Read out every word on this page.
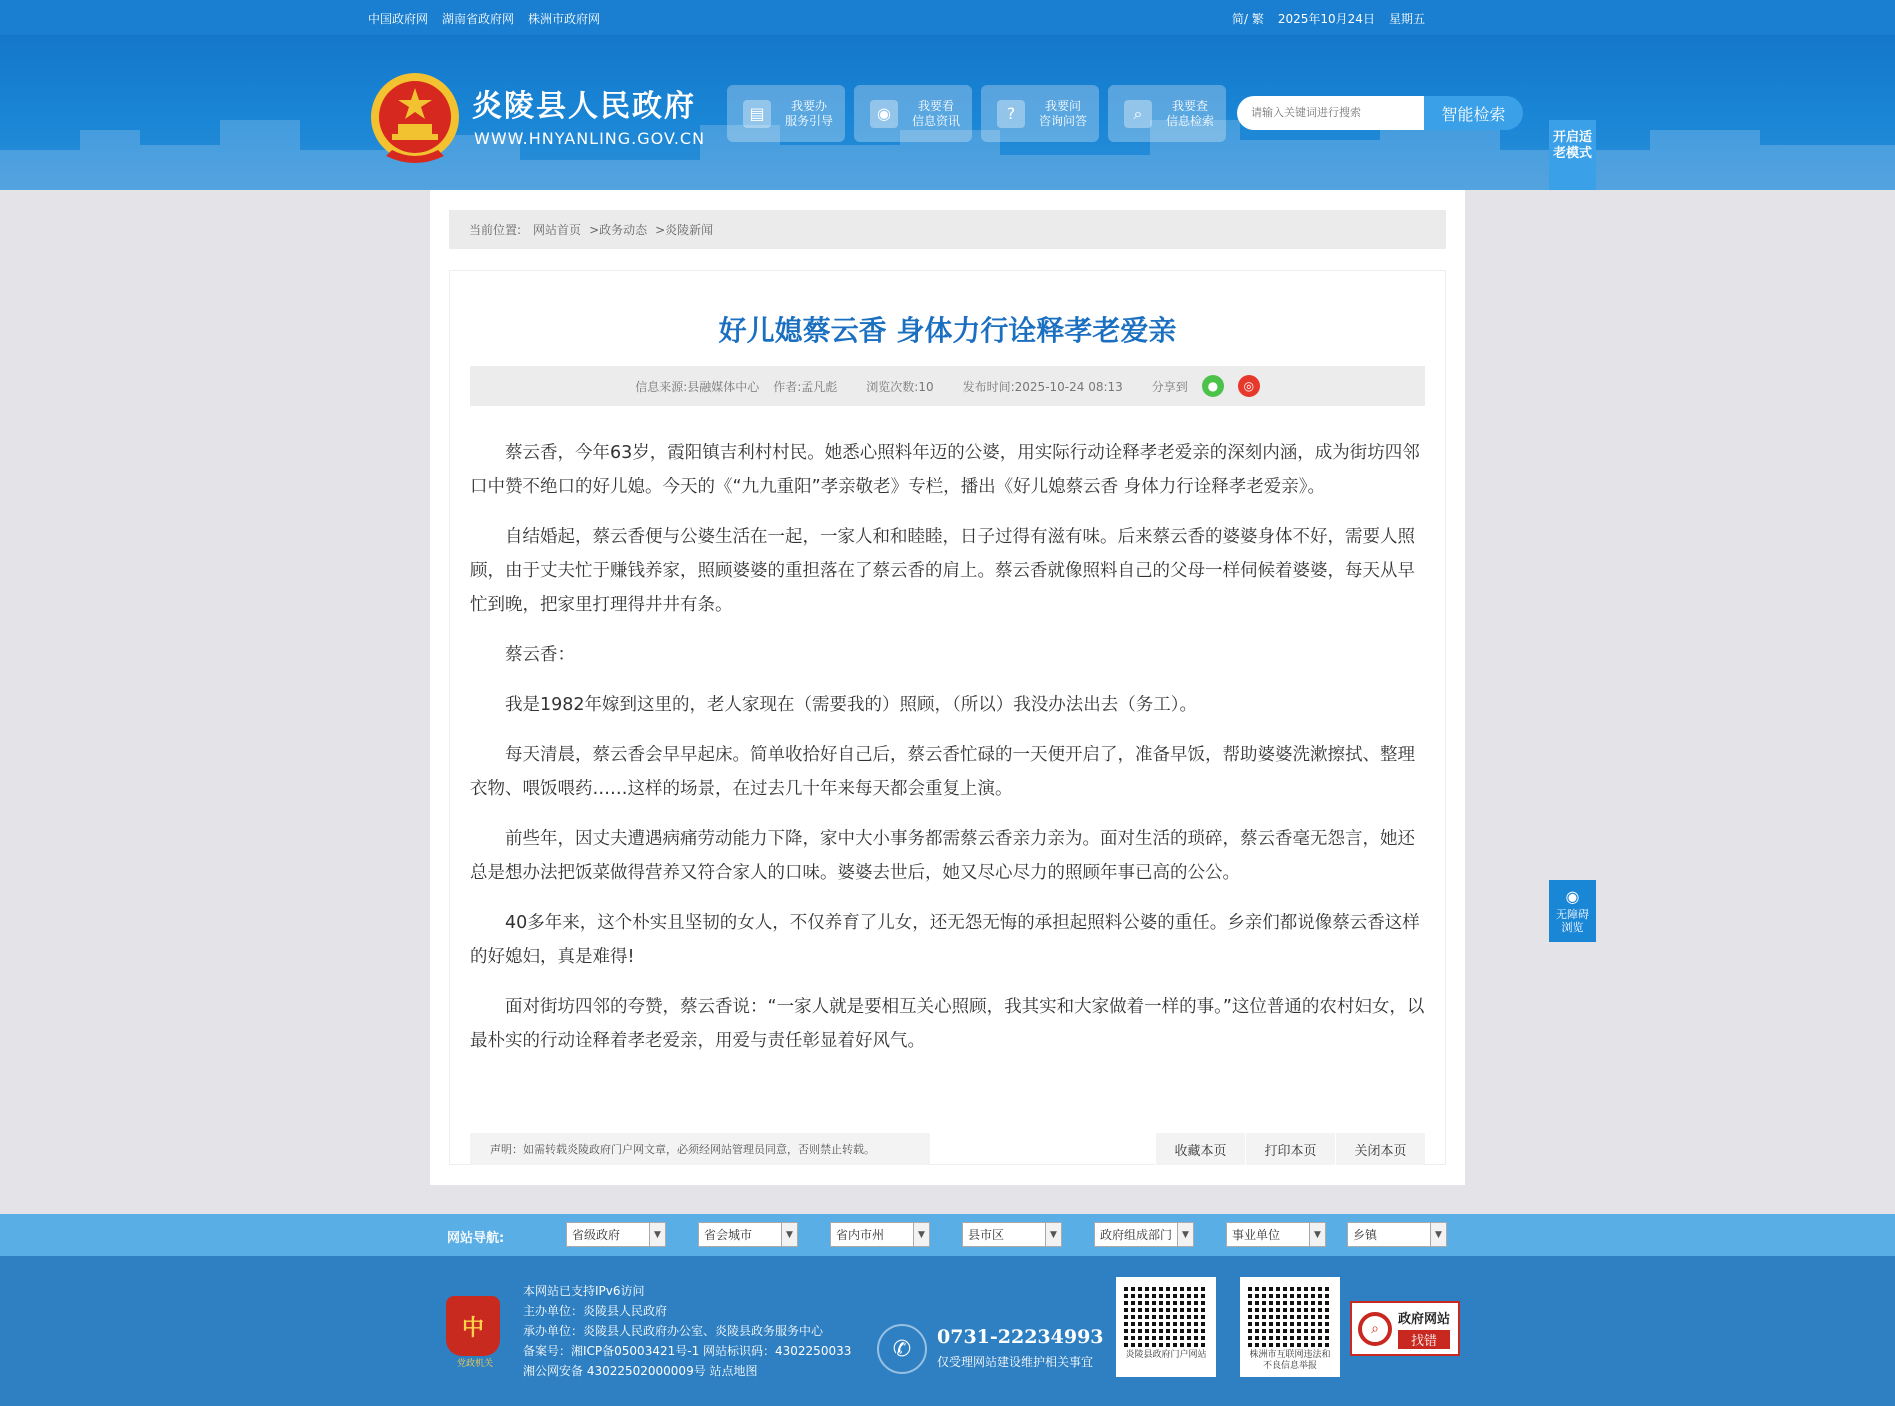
中国政府网 湖南省政府网 株洲市政府网	简/ 繁 2025年10月24日 星期五
炎陵县人民政府
WWW.HNYANLING.GOV.CN
▤	我要办
服务引导	◉	我要看
信息资讯	?	我要问
咨询问答	⌕	我要查
信息检索
请输入关键词进行搜索	智能检索
开启适老模式
当前位置: 网站首页 >政务动态 >炎陵新闻
好儿媳蔡云香 身体力行诠释孝老爱亲
信息来源:县融媒体中心 作者:孟凡彪 浏览次数:10 发布时间:2025-10-24 08:13 分享到	●	◎

蔡云香，今年63岁，霞阳镇吉利村村民。她悉心照料年迈的公婆，用实际行动诠释孝老爱亲的深刻内涵，成为街坊四邻口中赞不绝口的好儿媳。今天的《“九九重阳”孝亲敬老》专栏，播出《好儿媳蔡云香 身体力行诠释孝老爱亲》。

自结婚起，蔡云香便与公婆生活在一起，一家人和和睦睦，日子过得有滋有味。后来蔡云香的婆婆身体不好，需要人照顾，由于丈夫忙于赚钱养家，照顾婆婆的重担落在了蔡云香的肩上。蔡云香就像照料自己的父母一样伺候着婆婆，每天从早忙到晚，把家里打理得井井有条。

蔡云香：

我是1982年嫁到这里的，老人家现在（需要我的）照顾，（所以）我没办法出去（务工）。

每天清晨，蔡云香会早早起床。简单收拾好自己后，蔡云香忙碌的一天便开启了，准备早饭，帮助婆婆洗漱擦拭、整理衣物、喂饭喂药……这样的场景，在过去几十年来每天都会重复上演。

前些年，因丈夫遭遇病痛劳动能力下降，家中大小事务都需蔡云香亲力亲为。面对生活的琐碎，蔡云香毫无怨言，她还总是想办法把饭菜做得营养又符合家人的口味。婆婆去世后，她又尽心尽力的照顾年事已高的公公。

40多年来，这个朴实且坚韧的女人，不仅养育了儿女，还无怨无悔的承担起照料公婆的重任。乡亲们都说像蔡云香这样的好媳妇，真是难得!

面对街坊四邻的夸赞，蔡云香说：“一家人就是要相互关心照顾，我其实和大家做着一样的事。”这位普通的农村妇女，以最朴实的行动诠释着孝老爱亲，用爱与责任彰显着好风气。

声明：如需转载炎陵政府门户网文章，必须经网站管理员同意，否则禁止转载。	收藏本页	打印本页	关闭本页
◉
无障碍浏览
网站导航:	省级政府	▼	省会城市	▼	省内市州	▼	县市区	▼	政府组成部门	▼	事业单位	▼	乡镇	▼
中
党政机关
本网站已支持IPv6访问
主办单位：炎陵县人民政府
承办单位：炎陵县人民政府办公室、炎陵县政务服务中心
备案号：湘ICP备05003421号-1 网站标识码：4302250033
湘公网安备 43022502000009号 站点地图
✆	0731-22234993
仅受理网站建设维护相关事宜	炎陵县政府门户网站	株洲市互联网违法和不良信息举报
⌕
政府网站
找错
